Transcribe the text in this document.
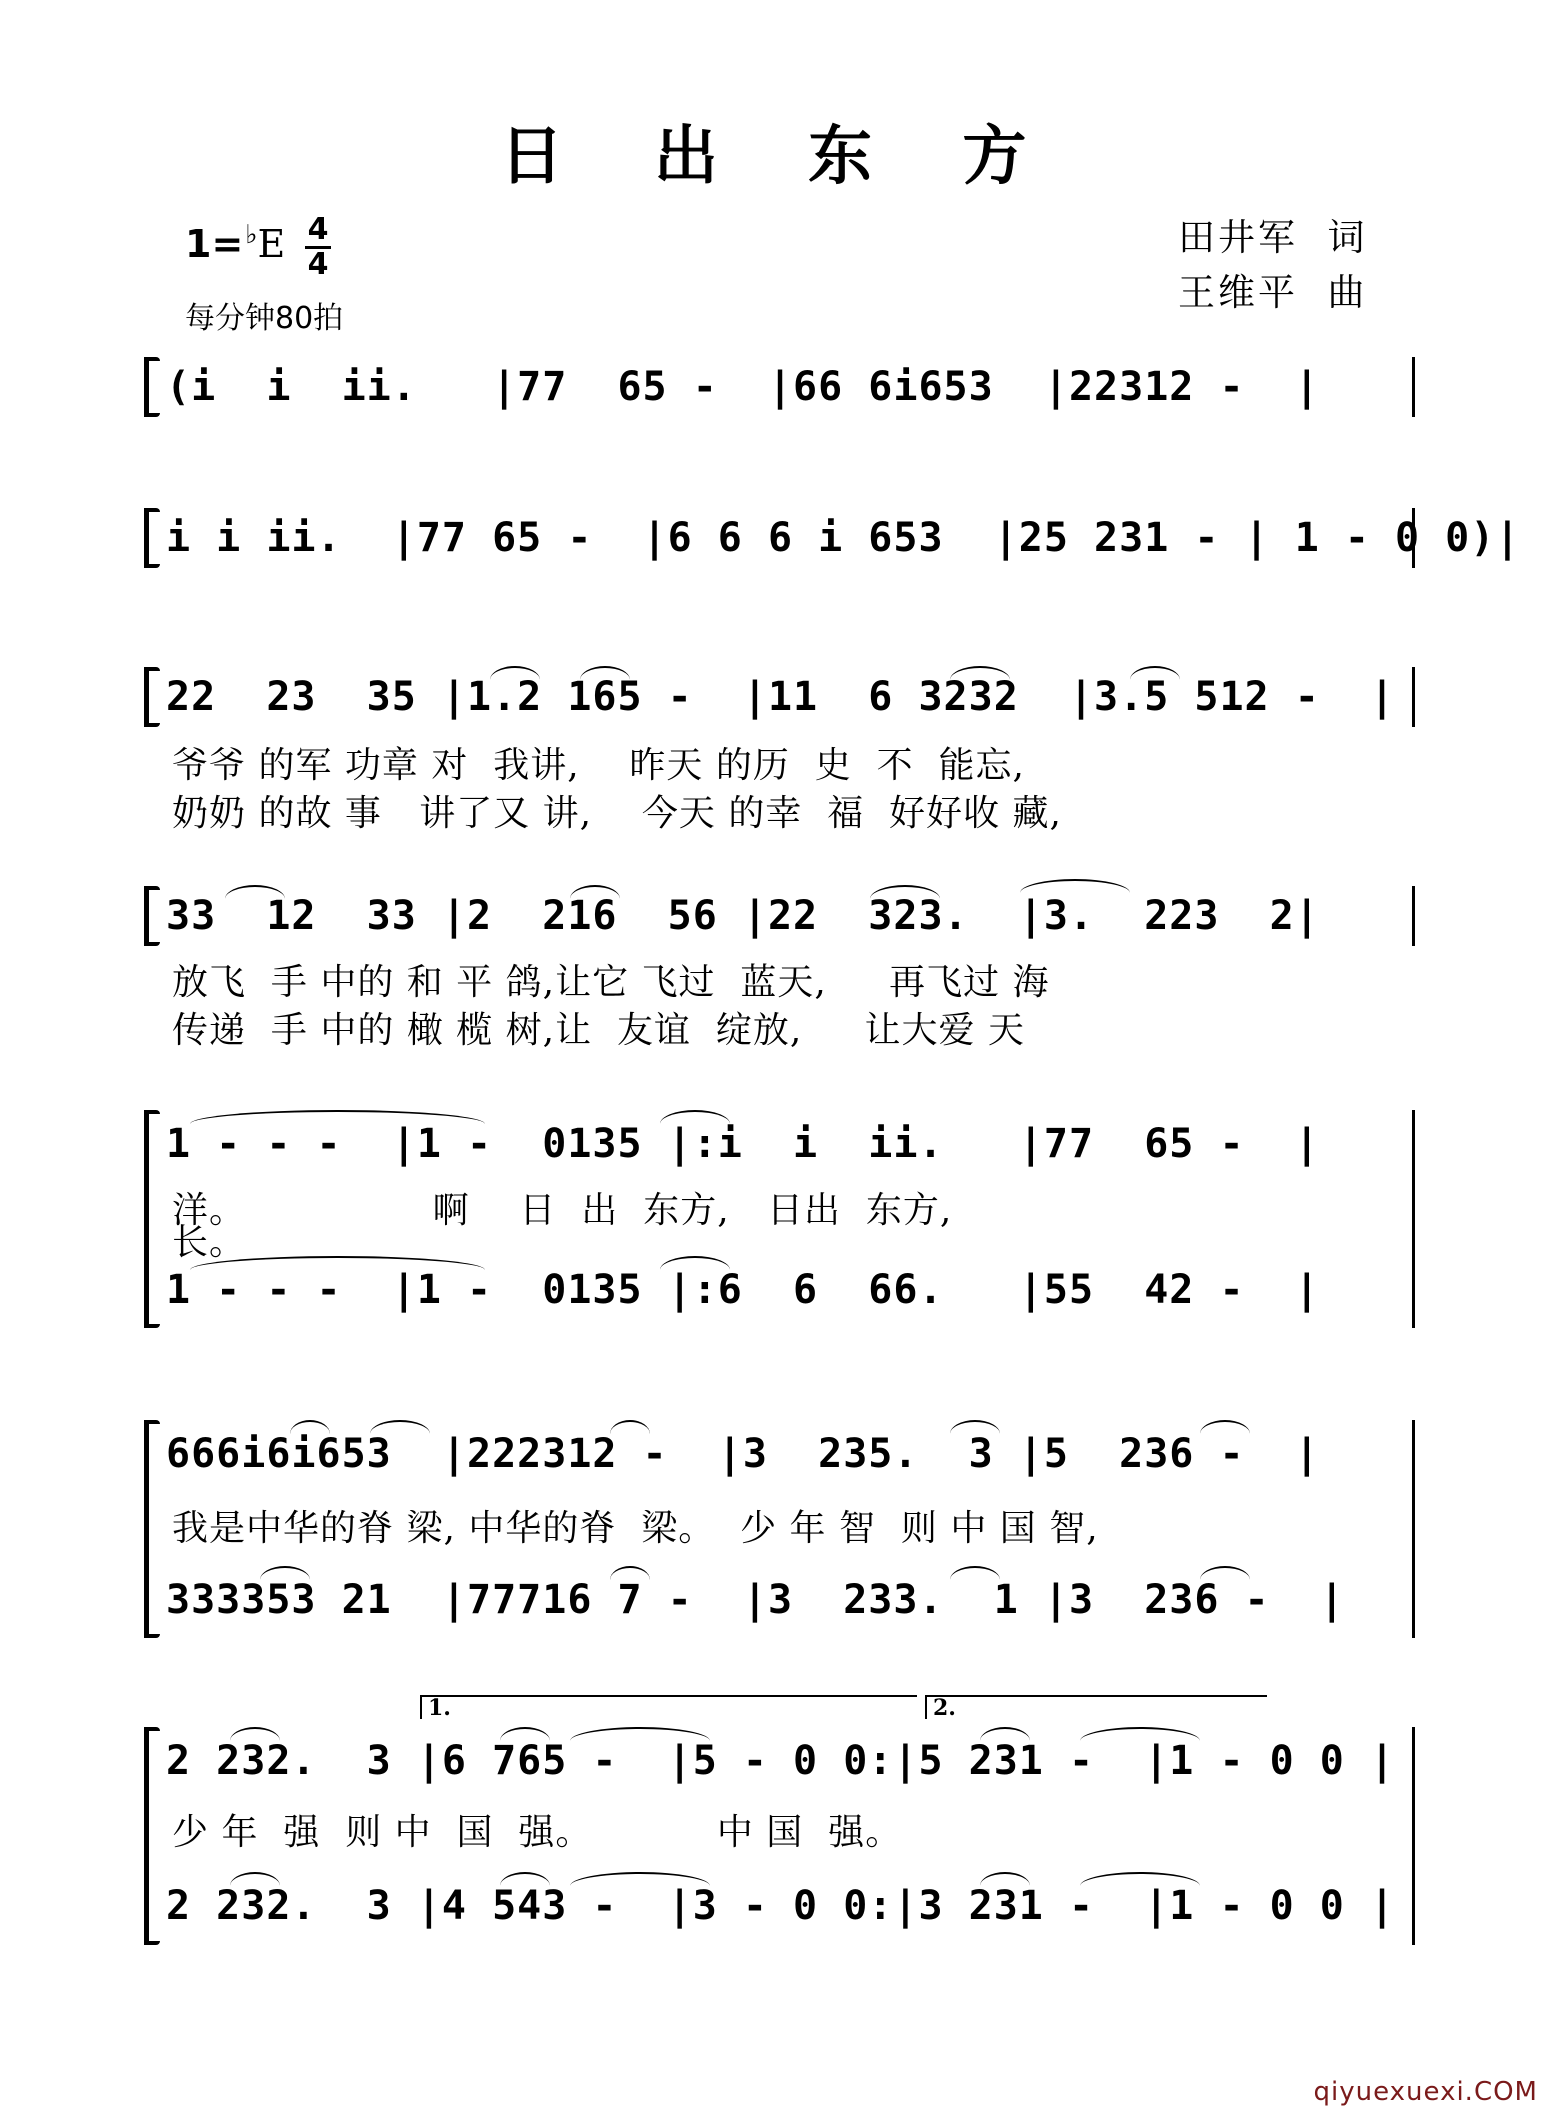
日 出 东 方
1=♭E 4
4
每分钟80拍
田井军  词
王维平  曲
(i  i  ii.   |77  65 -  |66 6i653  |22312 -  |
i i ii.  |77 65 -  |6 6 6 i 653  |25 231 - | 1 - 0 0)|
22  23  35 |1.2 165 -  |11  6 3232  |3.5 512 -  |
爷爷 的军 功章 对  我讲,    昨天 的历  史  不  能忘,
奶奶 的故 事   讲了又 讲,    今天 的幸  福  好好收 藏,
33  12  33 |2  216  56 |22  323.  |3.  223  2|
放飞  手 中的 和 平 鸽,让它 飞过  蓝天,     再飞过 海
传递  手 中的 橄 榄 树,让  友谊  绽放,     让大爱 天
1 - - -  |1 -  0135 |:i  i  ii.   |77  65 -  |
洋。               啊    日  出  东方,   日出  东方,
长。
1 - - -  |1 -  0135 |:6  6  66.   |55  42 -  |
666i6i653  |222312 -  |3  235.  3 |5  236 -  |
我是中华的脊 梁, 中华的脊  梁。  少 年 智  则 中 国 智,
333353 21  |77716 7 -  |3  233.  1 |3  236 -  |
1.	2.
2 232.  3 |6 765 -  |5 - 0 0:|5 231 -  |1 - 0 0 |
少 年  强  则 中  国  强。          中 国  强。
2 232.  3 |4 543 -  |3 - 0 0:|3 231 -  |1 - 0 0 |
qiyuexuexi.COM
